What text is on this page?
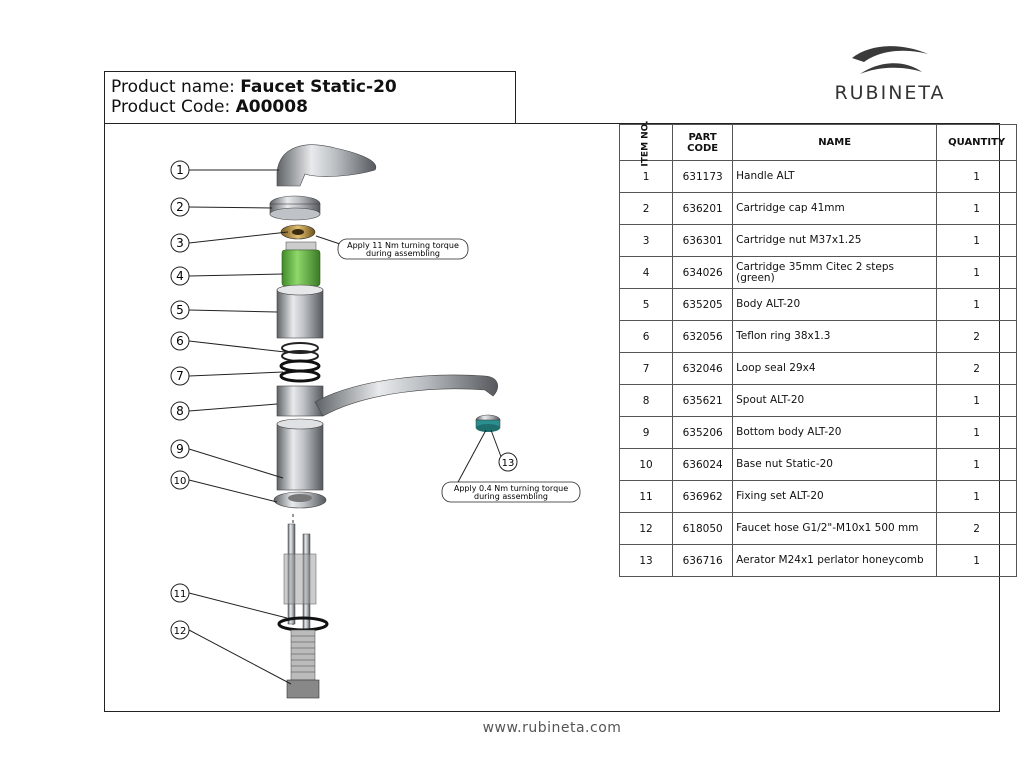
Product name: Faucet Static-20
Product Code: A00008
RUBINETA
ITEM NO.	PART CODE	NAME	QUANTITY
1	631173	Handle ALT	1
2	636201	Cartridge cap 41mm	1
3	636301	Cartridge nut M37x1.25	1
4	634026	Cartridge 35mm Citec 2 steps (green)	1
5	635205	Body ALT-20	1
6	632056	Teflon ring 38x1.3	2
7	632046	Loop seal 29x4	2
8	635621	Spout ALT-20	1
9	635206	Bottom body ALT-20	1
10	636024	Base nut Static-20	1
11	636962	Fixing set ALT-20	1
12	618050	Faucet hose G1/2"-M10x1 500 mm	2
13	636716	Aerator M24x1 perlator honeycomb	1
1
2
3
4
5
6
7
8
9
10
11
12
13
Apply 11 Nm turning torque
during assembling
Apply 0.4 Nm turning torque
during assembling
www.rubineta.com
